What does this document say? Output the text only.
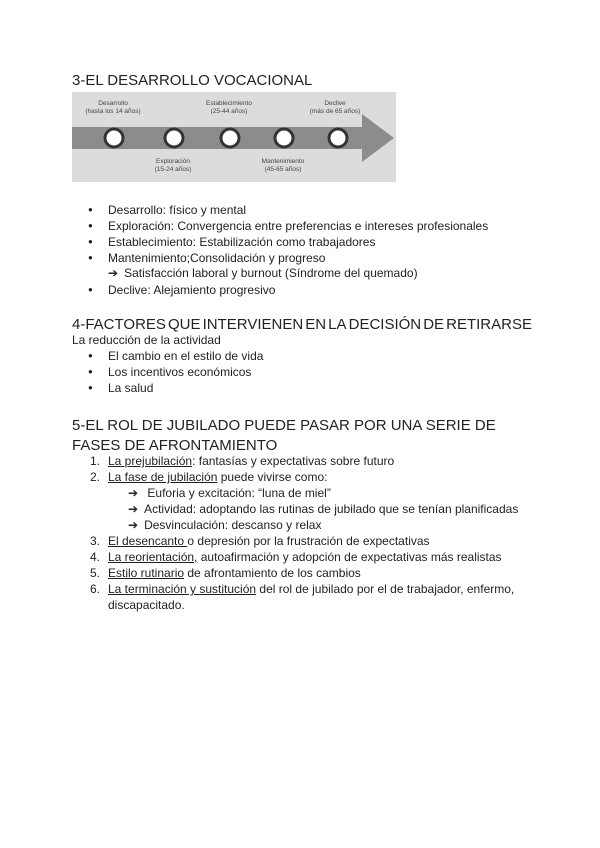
3-EL DESARROLLO VOCACIONAL
Desarrollo
(hasta los 14 años)
Establecimiento
(25-44 años)
Declive
(más de 65 años)
Exploración
(15-24 años)
Mantenimiento
(45-65 años)
● Desarrollo: físico y mental
● Exploración: Convergencia entre preferencias e intereses profesionales
● Establecimiento: Estabilización como trabajadores
● Mantenimiento;Consolidación y progreso
➔ Satisfacción laboral y burnout (Síndrome del quemado)
● Declive: Alejamiento progresivo
4-FACTORES QUE INTERVIENEN EN LA DECISIÓN DE RETIRARSE
La reducción de la actividad
● El cambio en el estilo de vida
● Los incentivos económicos
● La salud
5-EL ROL DE JUBILADO PUEDE PASAR POR UNA SERIE DE FASES DE AFRONTAMIENTO
1. La prejubilación: fantasías y expectativas sobre futuro
2. La fase de jubilación puede vivirse como:
➔ Euforia y excitación: “luna de miel”
➔ Actividad: adoptando las rutinas de jubilado que se tenían planificadas
➔ Desvinculación: descanso y relax
3. El desencanto o depresión por la frustración de expectativas
4. La reorientación, autoafirmación y adopción de expectativas más realistas
5. Estilo rutinario de afrontamiento de los cambios
6. La terminación y sustitución del rol de jubilado por el de trabajador, enfermo, discapacitado.
